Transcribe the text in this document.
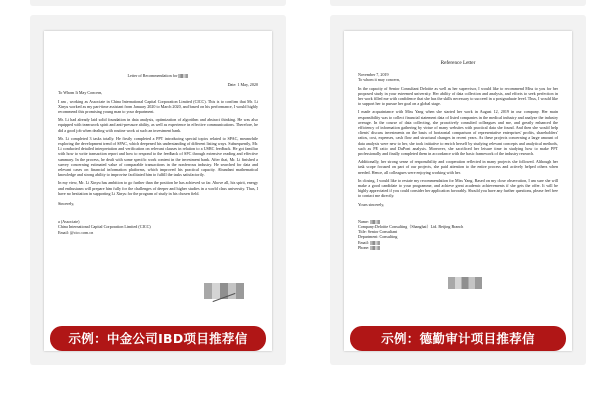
Letter of Recommendation for
Date: 1 May, 2020
To Whom It May Concern,
I am , working as Associate in China International Capital Corporation Limited (CICC). This is to confirm that Mr. Li Xinyu worked as my part-time assistant from January 2020 to March 2020, and based on his performance, I would highly recommend this promising young man to your department.
Mr. Li had already laid solid foundation in data analysis, optimization of algorithm and abstract thinking. He was also equipped with teamwork spirit and anti-pressure ability, as well as experience in effective communications. Therefore, he did a good job when dealing with routine work at such an investment bank.
Mr. Li completed 3 tasks totally. He firstly completed a PPT introducing special topics related to SPAC, meanwhile exploring the development trend of SPAC, which deepened his understanding of different listing ways. Subsequently, Mr. Li conducted detailed interpretation and verification on relevant clauses in relation to a USRC feedback. He got familiar with how to write transaction report and how to respond to the feedback of SFC through extensive reading and effective summary. In the process, he dealt with some specific work content in the investment bank. After that, Mr. Li finished a survey concerning estimated value of comparable transactions in the nonferrous industry. He searched for data and relevant cases on financial information platforms, which improved his practical capacity. Abundant mathematical knowledge and strong ability to improvise facilitated him to fulfill the tasks satisfactorily.
In my view, Mr. Li Xinyu has ambition to go further than the position he has achieved so far. Above all, his spirit, energy and enthusiasm will prepare him fully for the challenges of deeper and higher studies in a world class university. Thus, I have no hesitation in supporting Li Xinyu for the program of study in his chosen field.
Sincerely,
a (Associate)
China International Capital Corporation Limited (CICC)
Email: @cicc.com.cn
示例：中金公司IBD项目推荐信
Reference Letter
November 7, 2019
To whom it may concern,
In the capacity of Senior Consultant Deloitte as well as her supervisor, I would like to recommend Miss to you for her proposed study in your esteemed university. Her ability of data collection and analysis, and efforts to seek perfection in her work filled me with confidence that she has the skills necessary to succeed in a postgraduate level. Thus, I would like to support her to pursue her goal on a global stage.
I made acquaintance with Miss Yang when she started her work in August 12, 2019 in our company. Her main responsibility was to collect financial statement data of listed companies in the medical industry and analyze the industry average. In the course of data collecting, she proactively consulted colleagues and me, and greatly enhanced the efficiency of information gathering by virtue of many websites with practical data she found. And then she would help clients' discuss investments on the basis of horizontal comparison of representative enterprises' profits, shareholders' ratios, cost, expenses, cash flow and structural changes in recent years. As these projects concerning a large amount of data analysis were new to her, she took initiative to enrich herself by studying relevant concepts and analytical methods, such as PE ratio and DuPont analysis. Moreover, she sacrificed her leisure time in studying how to make PPT professionally and finally completed them in accordance with the basic framework of the industry research.
Additionally, her strong sense of responsibility and cooperation reflected in many projects she followed. Although her task scope focused on part of our projects, she paid attention to the entire process and actively helped others when needed. Hence, all colleagues were enjoying working with her.
In closing, I would like to restate my recommendation for Miss Yang. Based on my close observation, I am sure she will make a good candidate to your programme, and achieve great academic achievements if she gets the offer. It will be highly appreciated if you could consider her application favorably. Should you have any further questions, please feel free to contact me directly.
Yours sincerely,
Name:
Company:Deloitte Consulting（Shanghai）Ltd. Beijing Branch
Title: Senior Consultant
Department: Consulting
Email:
Phone:
示例：德勤审计项目推荐信
